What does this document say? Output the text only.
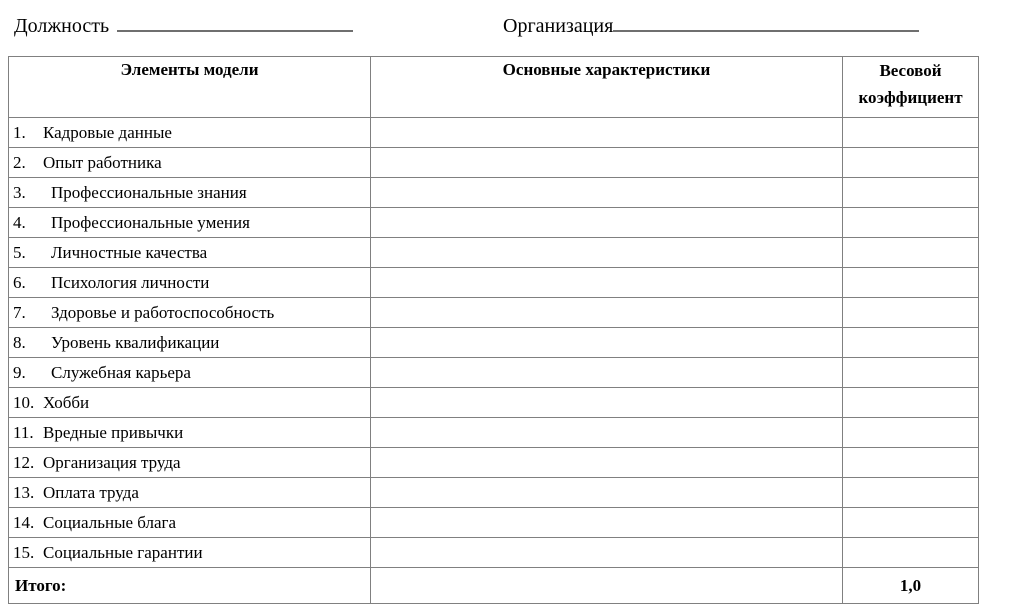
Должность	Организация
Элементы модели	Основные характеристики	Весовой
коэффициент
1. Кадровые данные		
2. Опыт работника		
3. Профессиональные знания		
4. Профессиональные умения		
5. Личностные качества		
6. Психология личности		
7. Здоровье и работоспособность		
8. Уровень квалификации		
9. Служебная карьера		
10. Хобби		
11. Вредные привычки		
12. Организация труда		
13. Оплата труда		
14. Социальные блага		
15. Социальные гарантии		
Итого:		1,0
